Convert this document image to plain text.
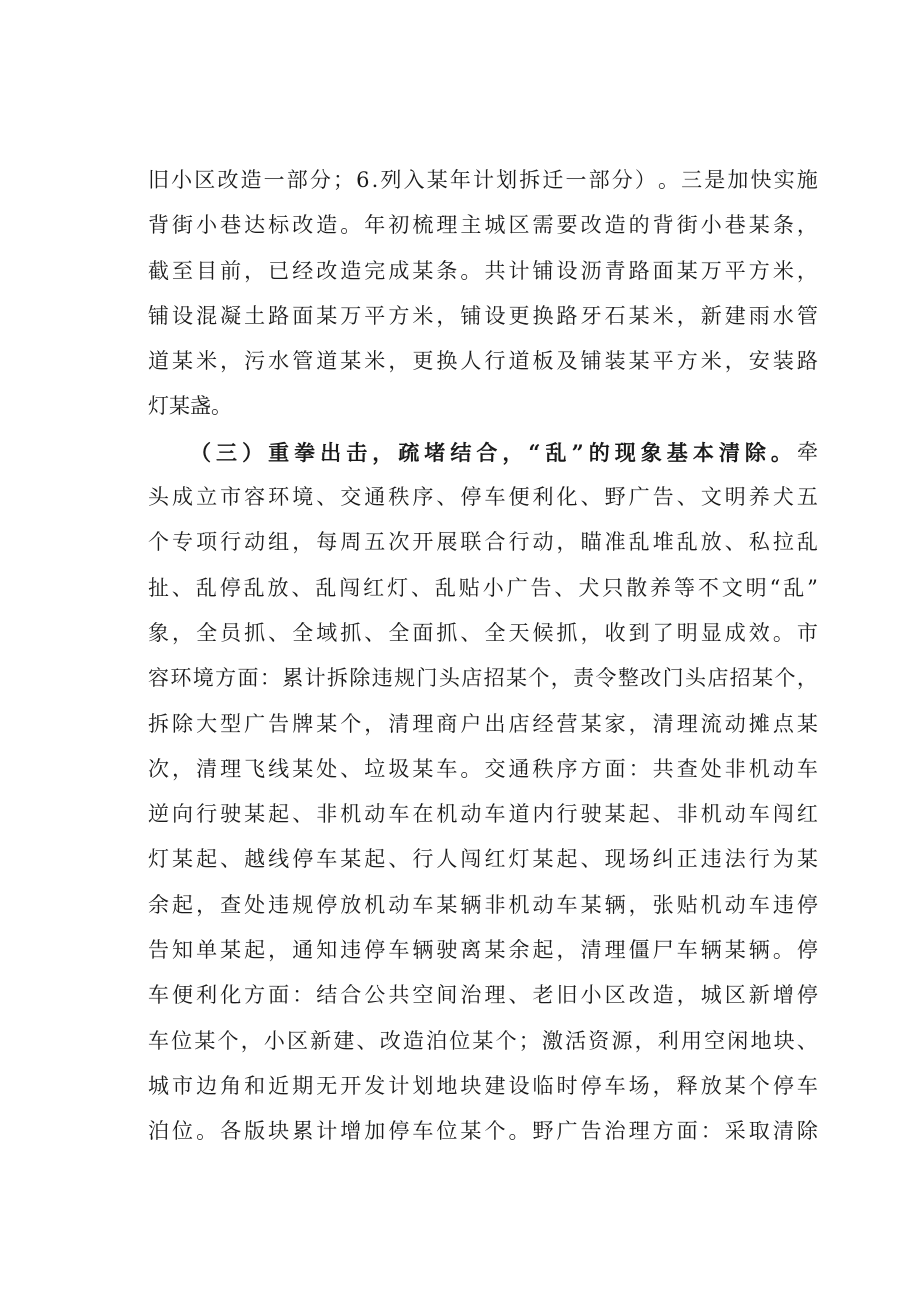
旧 小 区 改 造 一 部 分 ； 6 . 列 入 某 年 计 划 拆 迁 一 部 分 ） 。 三 是 加 快 实 施
背 街 小 巷 达 标 改 造 。 年 初 梳 理 主 城 区 需 要 改 造 的 背 街 小 巷 某 条 ，
截 至 目 前 ， 已 经 改 造 完 成 某 条 。 共 计 铺 设 沥 青 路 面 某 万 平 方 米 ，
铺 设 混 凝 土 路 面 某 万 平 方 米 ， 铺 设 更 换 路 牙 石 某 米 ， 新 建 雨 水 管
道 某 米 ， 污 水 管 道 某 米 ， 更 换 人 行 道 板 及 铺 装 某 平 方 米 ， 安 装 路
灯 某 盏 。
（ 三 ） 重 拳 出 击 ， 疏 堵 结 合 ， “ 乱 ” 的 现 象 基 本 清 除 。 牵
头 成 立 市 容 环 境 、 交 通 秩 序 、 停 车 便 利 化 、 野 广 告 、 文 明 养 犬 五
个 专 项 行 动 组 ， 每 周 五 次 开 展 联 合 行 动 ， 瞄 准 乱 堆 乱 放 、 私 拉 乱
扯 、 乱 停 乱 放 、 乱 闯 红 灯 、 乱 贴 小 广 告 、 犬 只 散 养 等 不 文 明 “ 乱 ”
象 ， 全 员 抓 、 全 域 抓 、 全 面 抓 、 全 天 候 抓 ， 收 到 了 明 显 成 效 。 市
容 环 境 方 面 ： 累 计 拆 除 违 规 门 头 店 招 某 个 ， 责 令 整 改 门 头 店 招 某 个 ，
拆 除 大 型 广 告 牌 某 个 ， 清 理 商 户 出 店 经 营 某 家 ， 清 理 流 动 摊 点 某
次 ， 清 理 飞 线 某 处 、 垃 圾 某 车 。 交 通 秩 序 方 面 ： 共 查 处 非 机 动 车
逆 向 行 驶 某 起 、 非 机 动 车 在 机 动 车 道 内 行 驶 某 起 、 非 机 动 车 闯 红
灯 某 起 、 越 线 停 车 某 起 、 行 人 闯 红 灯 某 起 、 现 场 纠 正 违 法 行 为 某
余 起 ， 查 处 违 规 停 放 机 动 车 某 辆 非 机 动 车 某 辆 ， 张 贴 机 动 车 违 停
告 知 单 某 起 ， 通 知 违 停 车 辆 驶 离 某 余 起 ， 清 理 僵 尸 车 辆 某 辆 。 停
车 便 利 化 方 面 ： 结 合 公 共 空 间 治 理 、 老 旧 小 区 改 造 ， 城 区 新 增 停
车 位 某 个 ， 小 区 新 建 、 改 造 泊 位 某 个 ； 激 活 资 源 ， 利 用 空 闲 地 块 、
城 市 边 角 和 近 期 无 开 发 计 划 地 块 建 设 临 时 停 车 场 ， 释 放 某 个 停 车
泊 位 。 各 版 块 累 计 增 加 停 车 位 某 个 。 野 广 告 治 理 方 面 ： 采 取 清 除
